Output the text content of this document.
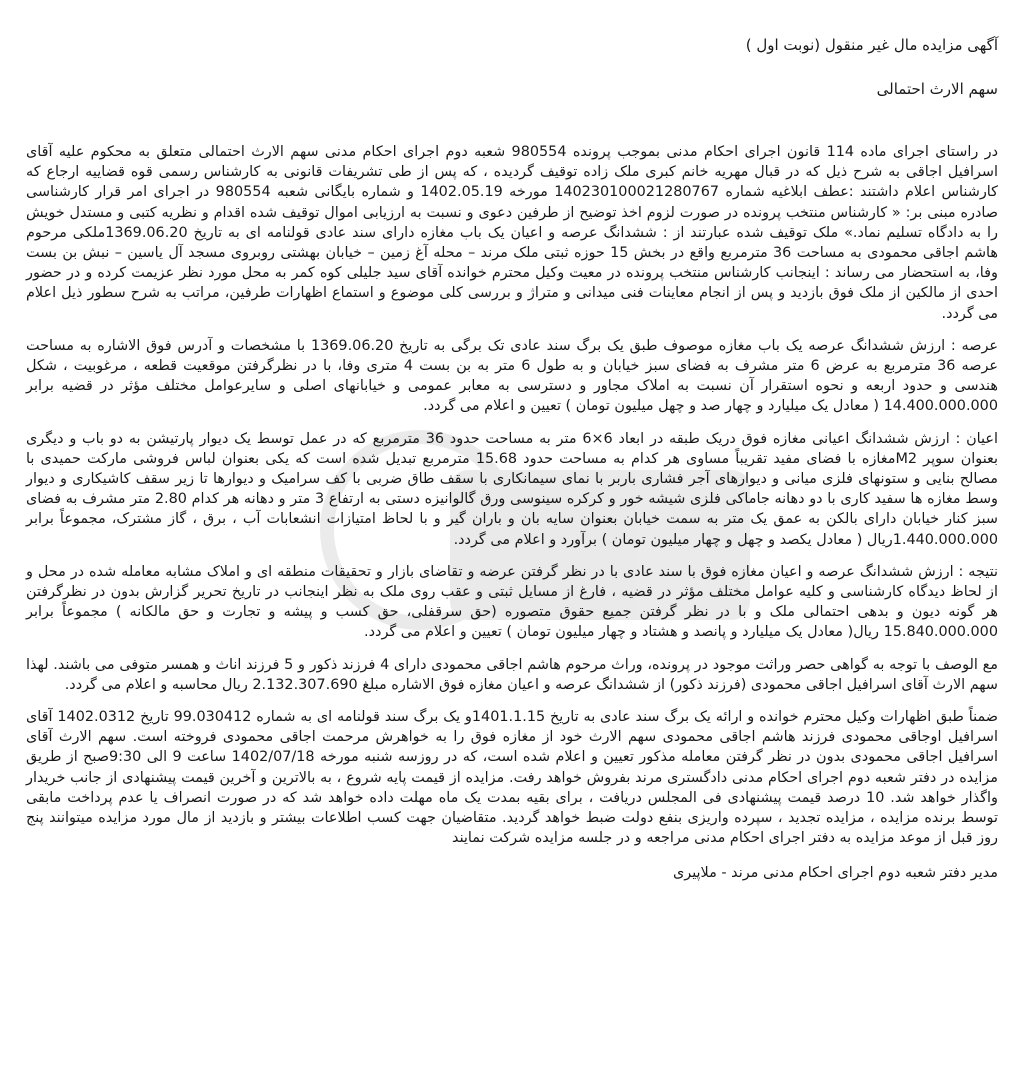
آگهی مزایده مال غیر منقول (نوبت اول )

سهم الارث احتمالی

در راستای اجرای ماده 114 قانون اجرای احکام مدنی بموجب پرونده 980554 شعبه دوم اجرای احکام مدنی سهم الارث احتمالی متعلق به محکوم علیه آقای اسرافیل اجاقی به شرح ذیل که در قبال مهریه خانم کبری ملک زاده توقیف گردیده ، که پس از طی تشریفات قانونی به کارشناس رسمی قوه قضاییه ارجاع که کارشناس اعلام داشتند :عطف ابلاغیه شماره 140230100021280767 مورخه 1402.05.19 و شماره بایگانی شعبه 980554 در اجرای امر قرار کارشناسی صادره مبنی بر: « کارشناس منتخب پرونده در صورت لزوم اخذ توضیح از طرفین دعوی و نسبت به ارزیابی اموال توقیف شده اقدام و نظریه کتبی و مستدل خویش را به دادگاه تسلیم نماد.» ملک توقیف شده عبارتند از : ششدانگ عرصه و اعیان یک باب مغازه دارای سند عادی قولنامه ای به تاریخ 1369.06.20ملکی مرحوم هاشم اجاقی محمودی به مساحت 36 مترمربع واقع در بخش 15 حوزه ثبتی ملک مرند – محله آغ زمین – خیابان بهشتی روبروی مسجد آل یاسین – نبش بن بست وفا، به استحضار می رساند : اینجانب کارشناس منتخب پرونده در معیت وکیل محترم خوانده آقای سید جلیلی کوه کمر به محل مورد نظر عزیمت کرده و در حضور احدی از مالکین از ملک فوق بازدید و پس از انجام معاینات فنی میدانی و متراژ و بررسی کلی موضوع و استماع اظهارات طرفین، مراتب به شرح سطور ذیل اعلام می گردد.

عرصه : ارزش ششدانگ عرصه یک باب مغازه موصوف طبق یک برگ سند عادی تک برگی به تاریخ 1369.06.20 با مشخصات و آدرس فوق الاشاره به مساحت عرصه 36 مترمربع به عرض 6 متر مشرف به فضای سبز خیابان و به طول 6 متر به بن بست 4 متری وفا، با در نظرگرفتن موقعیت قطعه ، مرغوبیت ، شکل هندسی و حدود اربعه و نحوه استقرار آن نسبت به املاک مجاور و دسترسی به معابر عمومی و خیابانهای اصلی و سایرعوامل مختلف مؤثر در قضیه برابر 14.400.000.000 ( معادل یک میلیارد و چهار صد و چهل میلیون تومان ) تعیین و اعلام می گردد.

اعیان : ارزش ششدانگ اعیانی مغازه فوق دریک طبقه در ابعاد 6×6 متر به مساحت حدود 36 مترمربع که در عمل توسط یک دیوار پارتیشن به دو باب و دیگری بعنوان سوپر M2مغازه با فضای مفید تقریباً مساوی هر کدام به مساحت حدود 15.68 مترمربع تبدیل شده است که یکی بعنوان لباس فروشی مارکت حمیدی با مصالح بنایی و ستونهای فلزی میانی و دیوارهای آجر فشاری باربر با نمای سیمانکاری با سقف طاق ضربی با کف سرامیک و دیوارها تا زیر سقف کاشیکاری و دیوار وسط مغازه ها سفید کاری با دو دهانه جاماکی فلزی شیشه خور و کرکره سینوسی ورق گالوانیزه دستی به ارتفاع 3 متر و دهانه هر کدام 2.80 متر مشرف به فضای سبز کنار خیابان دارای بالکن به عمق یک متر به سمت خیابان بعنوان سایه بان و باران گیر و با لحاظ امتیازات انشعابات آب ، برق ، گاز مشترک، مجموعاً برابر 1.440.000.000ریال ( معادل یکصد و چهل و چهار میلیون تومان ) برآورد و اعلام می گردد.

نتیجه : ارزش ششدانگ عرصه و اعیان مغازه فوق با سند عادی با در نظر گرفتن عرضه و تقاضای بازار و تحقیقات منطقه ای و املاک مشابه معامله شده در محل و از لحاظ دیدگاه کارشناسی و کلیه عوامل مختلف مؤثر در قضیه ، فارغ از مسایل ثبتی و عقب روی ملک به نظر اینجانب در تاریخ تحریر گزارش بدون در نظرگرفتن هر گونه دیون و بدهی احتمالی ملک و با در نظر گرفتن جمیع حقوق متصوره (حق سرقفلی، حق کسب و پیشه و تجارت و حق مالکانه ) مجموعاً برابر 15.840.000.000 ریال( معادل یک میلیارد و پانصد و هشتاد و چهار میلیون تومان ) تعیین و اعلام می گردد.

مع الوصف با توجه به گواهی حصر وراثت موجود در پرونده، وراث مرحوم هاشم اجاقی محمودی دارای 4 فرزند ذکور و 5 فرزند اناث و همسر متوفی می باشند. لهذا سهم الارث آقای اسرافیل اجاقی محمودی (فرزند ذکور) از ششدانگ عرصه و اعیان مغازه فوق الاشاره مبلغ 2.132.307.690 ریال محاسبه و اعلام می گردد.

ضمناً طبق اظهارات وکیل محترم خوانده و ارائه یک برگ سند عادی به تاریخ 1401.1.15و یک برگ سند قولنامه ای به شماره 99.030412 تاریخ 1402.0312 آقای اسرافیل اوجاقی محمودی فرزند هاشم اجاقی محمودی سهم الارث خود از مغازه فوق را به خواهرش مرحمت اجاقی محمودی فروخته است. سهم الارث آقای اسرافیل اجاقی محمودی بدون در نظر گرفتن معامله مذکور تعیین و اعلام شده است، که در روزسه شنبه مورخه 1402/07/18 ساعت 9 الی 9:30صبح از طریق مزایده در دفتر شعبه دوم اجرای احکام مدنی دادگستری مرند بفروش خواهد رفت. مزایده از قیمت پایه شروع ، به بالاترین و آخرین قیمت پیشنهادی از جانب خریدار واگذار خواهد شد. 10 درصد قیمت پیشنهادی فی المجلس دریافت ، برای بقیه بمدت یک ماه مهلت داده خواهد شد که در صورت انصراف یا عدم پرداخت مابقی توسط برنده مزایده ، مزایده تجدید ، سپرده واریزی بنفع دولت ضبط خواهد گردید. متقاضیان جهت کسب اطلاعات بیشتر و بازدید از مال مورد مزایده میتوانند پنج روز قبل از موعد مزایده به دفتر اجرای احکام مدنی مراجعه و در جلسه مزایده شرکت نمایند

مدیر دفتر شعبه دوم اجرای احکام مدنی مرند - ملاپیری
